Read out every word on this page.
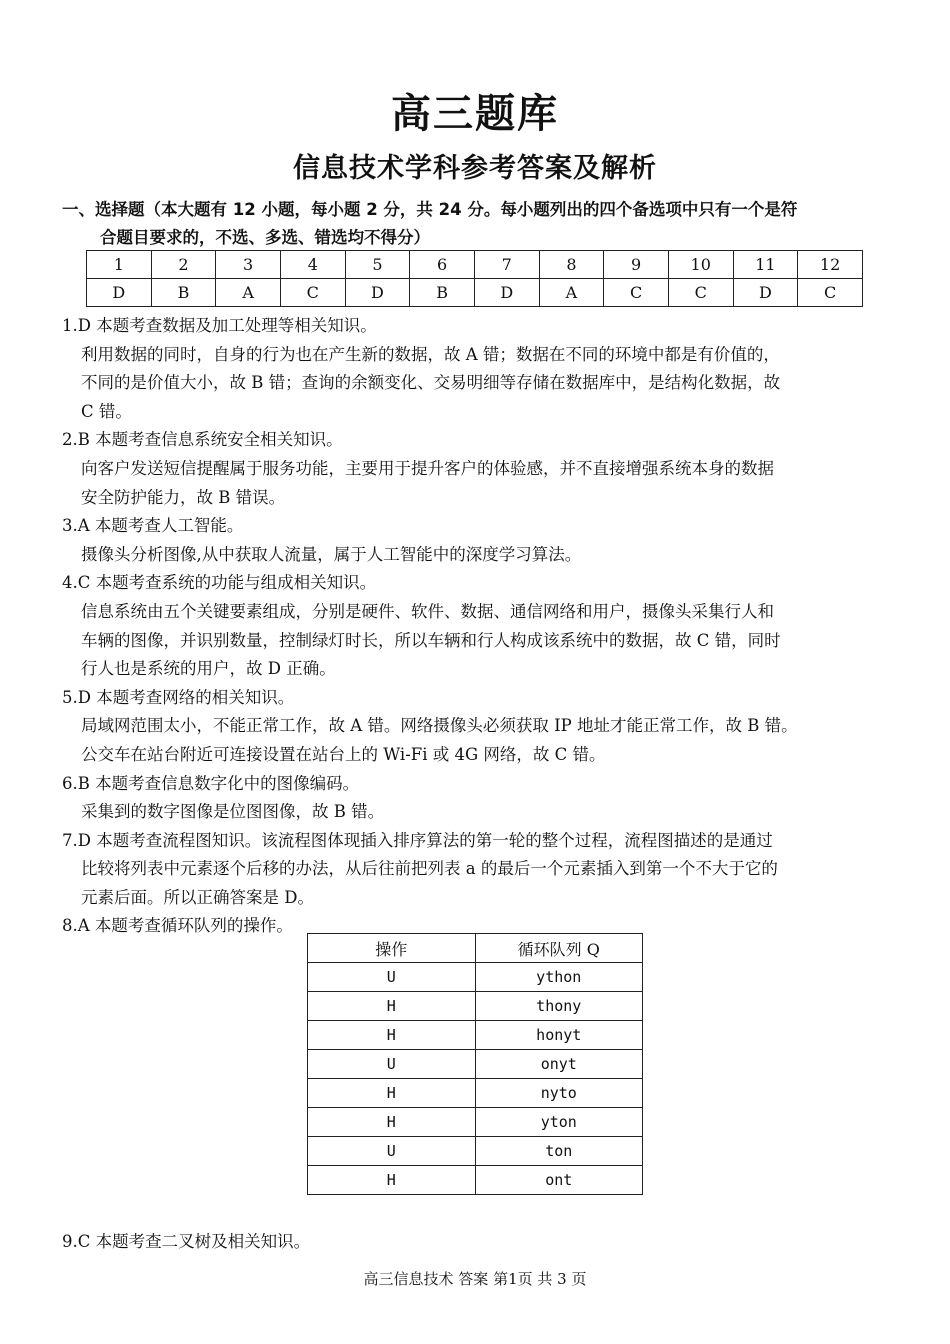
高三题库
信息技术学科参考答案及解析
一、选择题（本大题有 12 小题，每小题 2 分，共 24 分。每小题列出的四个备选项中只有一个是符
合题目要求的，不选、多选、错选均不得分）
1	2	3	4	5	6	7	8	9	10	11	12
D	B	A	C	D	B	D	A	C	C	D	C
1.D 本题考查数据及加工处理等相关知识。
利用数据的同时，自身的行为也在产生新的数据，故 A 错；数据在不同的环境中都是有价值的，
不同的是价值大小，故 B 错；查询的余额变化、交易明细等存储在数据库中，是结构化数据，故
C 错。
2.B 本题考查信息系统安全相关知识。
向客户发送短信提醒属于服务功能，主要用于提升客户的体验感，并不直接增强系统本身的数据
安全防护能力，故 B 错误。
3.A 本题考查人工智能。
摄像头分析图像,从中获取人流量，属于人工智能中的深度学习算法。
4.C 本题考查系统的功能与组成相关知识。
信息系统由五个关键要素组成，分别是硬件、软件、数据、通信网络和用户，摄像头采集行人和
车辆的图像，并识别数量，控制绿灯时长，所以车辆和行人构成该系统中的数据，故 C 错，同时
行人也是系统的用户，故 D 正确。
5.D 本题考查网络的相关知识。
局域网范围太小，不能正常工作，故 A 错。网络摄像头必须获取 IP 地址才能正常工作，故 B 错。
公交车在站台附近可连接设置在站台上的 Wi-Fi 或 4G 网络，故 C 错。
6.B 本题考查信息数字化中的图像编码。
采集到的数字图像是位图图像，故 B 错。
7.D 本题考查流程图知识。该流程图体现插入排序算法的第一轮的整个过程，流程图描述的是通过
比较将列表中元素逐个后移的办法，从后往前把列表 a 的最后一个元素插入到第一个不大于它的
元素后面。所以正确答案是 D。
8.A 本题考查循环队列的操作。
操作	循环队列 Q
U	ython
H	thony
H	honyt
U	onyt
H	nyto
H	yton
U	ton
H	ont
9.C 本题考查二叉树及相关知识。
高三信息技术 答案 第1页 共 3 页
